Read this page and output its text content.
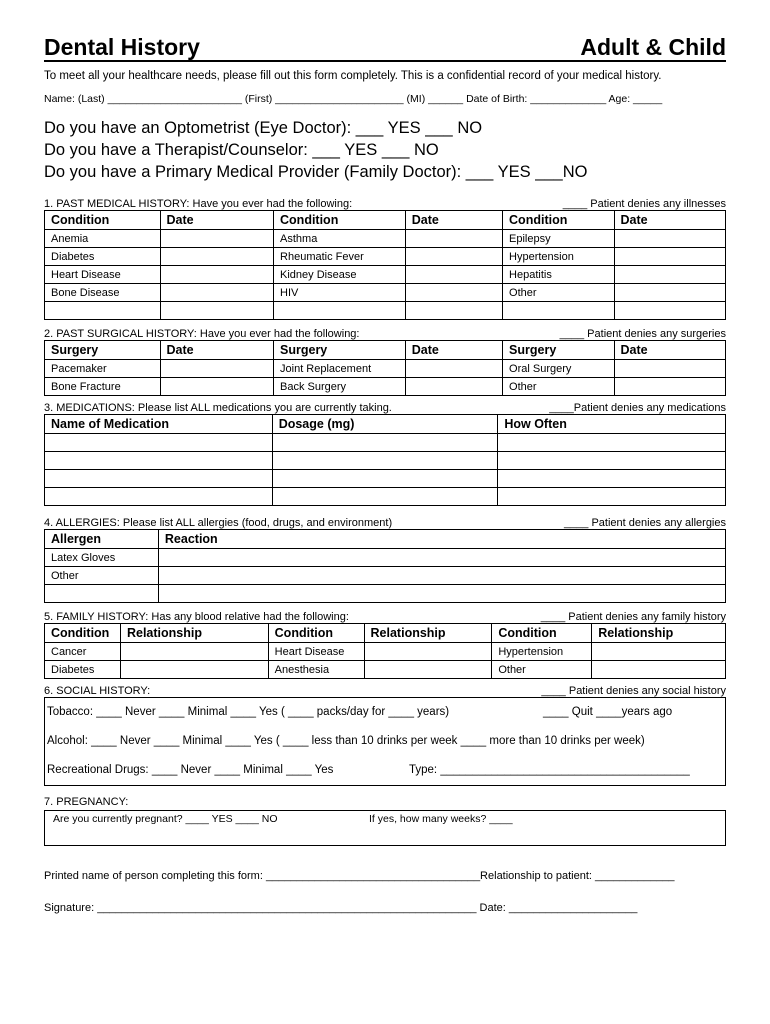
Dental History	Adult & Child
To meet all your healthcare needs, please fill out this form completely. This is a confidential record of your medical history.
Name: (Last) _______________________ (First) ______________________ (MI) ______ Date of Birth: _____________ Age: _____
Do you have an Optometrist (Eye Doctor): ___ YES ___ NO
Do you have a Therapist/Counselor: ___ YES ___ NO
Do you have a Primary Medical Provider (Family Doctor): ___ YES ___NO
1. PAST MEDICAL HISTORY: Have you ever had the following:	____ Patient denies any illnesses
Condition	Date	Condition	Date	Condition	Date
Anemia		Asthma		Epilepsy	
Diabetes		Rheumatic Fever		Hypertension	
Heart Disease		Kidney Disease		Hepatitis	
Bone Disease		HIV		Other	

2. PAST SURGICAL HISTORY: Have you ever had the following:	____ Patient denies any surgeries
Surgery	Date	Surgery	Date	Surgery	Date
Pacemaker		Joint Replacement		Oral Surgery	
Bone Fracture		Back Surgery		Other	
3. MEDICATIONS: Please list ALL medications you are currently taking.	____Patient denies any medications
Name of Medication	Dosage (mg)	How Often

4. ALLERGIES: Please list ALL allergies (food, drugs, and environment)	____ Patient denies any allergies
Allergen	Reaction
Latex Gloves	
Other	

5. FAMILY HISTORY: Has any blood relative had the following:	____ Patient denies any family history
Condition	Relationship	Condition	Relationship	Condition	Relationship
Cancer		Heart Disease		Hypertension	
Diabetes		Anesthesia		Other	
6. SOCIAL HISTORY:	____ Patient denies any social history
Tobacco: ____ Never ____ Minimal ____ Yes ( ____ packs/day for ____ years)	____ Quit ____years ago
Alcohol: ____ Never ____ Minimal ____ Yes ( ____ less than 10 drinks per week ____ more than 10 drinks per week)
Recreational Drugs: ____ Never ____ Minimal ____ Yes	Type: _______________________________________
7. PREGNANCY:
Are you currently pregnant? ____ YES ____ NO	If yes, how many weeks? ____
Printed name of person completing this form: ___________________________________Relationship to patient: _____________
Signature: ______________________________________________________________ Date: _____________________
